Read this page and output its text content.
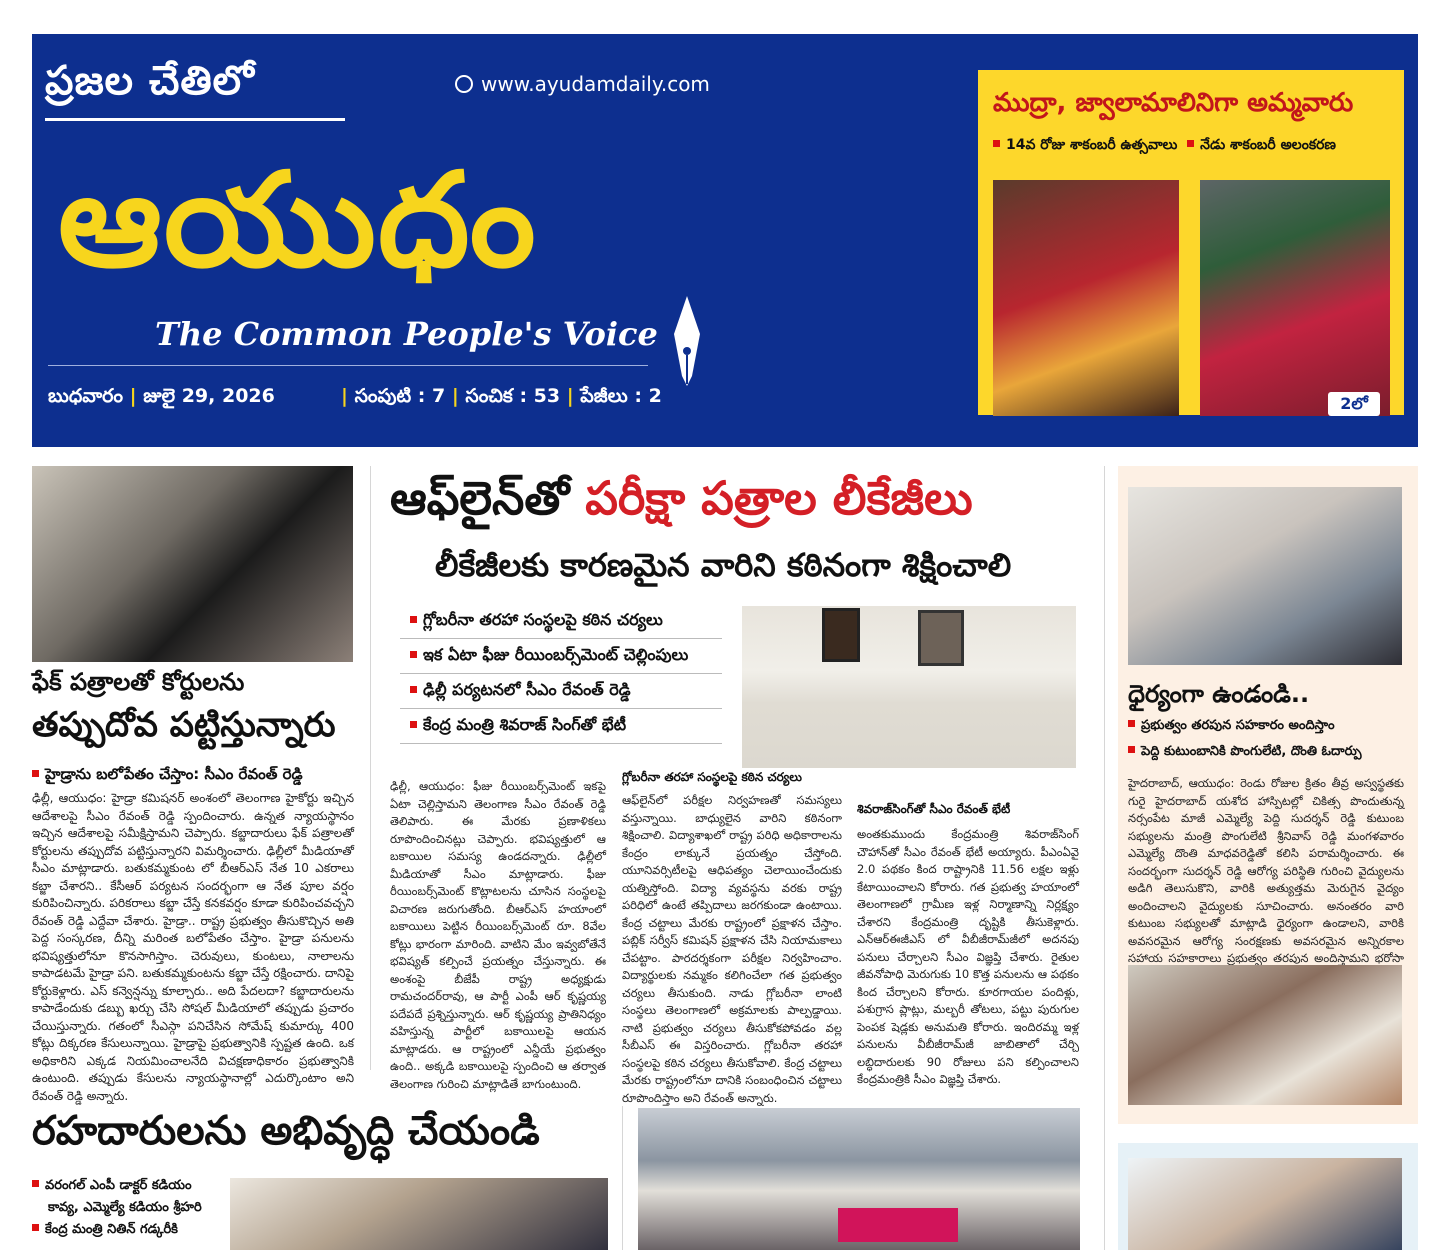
ప్రజల చేతిలో	www.ayudamdaily.com
ఆయుధం
The Common People's Voice
బుధవారం | జులై 29, 2026          | సంపుటి : 7 | సంచిక : 53 | పేజీలు : 2
ముద్రా, జ్వాలామాలినిగా అమ్మవారు
14వ రోజు శాకంబరీ ఉత్సవాలు నేడు శాకంబరీ అలంకరణ
2లో
ఫేక్ పత్రాలతో కోర్టులను
తప్పుదోవ పట్టిస్తున్నారు
హైడ్రాను బలోపేతం చేస్తాం: సీఎం రేవంత్ రెడ్డి
ఢిల్లీ, ఆయుధం: హైడ్రా కమిషనర్ అంశంలో తెలంగాణ హైకోర్టు ఇచ్చిన ఆదేశాలపై సీఎం రేవంత్ రెడ్డి స్పందించారు. ఉన్నత న్యాయస్థానం ఇచ్చిన ఆదేశాలపై సమీక్షిస్తామని చెప్పారు. కబ్జాదారులు ఫేక్ పత్రాలతో కోర్టులను తప్పుదోవ పట్టిస్తున్నారని విమర్శించారు. ఢిల్లీలో మీడియాతో సీఎం మాట్లాడారు. బతుకమ్మకుంట లో బీఆర్ఎస్ నేత 10 ఎకరాలు కబ్జా చేశారని.. కేసీఆర్ పర్యటన సందర్భంగా ఆ నేత పూల వర్షం కురిపించిన్నారు. పరికరాలు కబ్జా చేస్తే కనకవర్షం కూడా కురిపించవచ్చని రేవంత్ రెడ్డి ఎద్దేవా చేశారు. హైడ్రా.. రాష్ట్ర ప్రభుత్వం తీసుకొచ్చిన అతి పెద్ద సంస్కరణ, దీన్ని మరింత బలోపేతం చేస్తాం. హైడ్రా పనులను భవిష్యత్తులోనూ కొనసాగిస్తాం. చెరువులు, కుంటలు, నాలాలను కాపాడటమే హైడ్రా పని. బతుకమ్మకుంటను కబ్జా చేస్తే రక్షించారు. దానిపై కోర్టుకెళ్లారు. ఎస్ కన్వెన్షన్ను కూల్చారు.. అది పేదలదా? కబ్జాదారులను కాపాడేందుకు డబ్బు ఖర్చు చేసి సోషల్ మీడియాలో తప్పుడు ప్రచారం చేయిస్తున్నారు. గతంలో సీఎస్గా పనిచేసిన సోమేష్ కుమార్కు 400 కోట్లు దిక్కరణ కేసులున్నాయి. హైడ్రాపై ప్రభుత్వానికి స్పష్టత ఉంది. ఒక అధికారిని ఎక్కడ నియమించాలనేది విచక్షణాధికారం ప్రభుత్వానికి ఉంటుంది. తప్పుడు కేసులను న్యాయస్థానాల్లో ఎదుర్కొంటాం అని రేవంత్ రెడ్డి అన్నారు.
ఆఫ్‌లైన్‌తో పరీక్షా పత్రాల లీకేజీలు
లీకేజీలకు కారణమైన వారిని కఠినంగా శిక్షించాలి
గ్లోబరీనా తరహా సంస్థలపై కఠిన చర్యలు
ఇక ఏటా ఫీజు రీయింబర్స్‌మెంట్ చెల్లింపులు
ఢిల్లీ పర్యటనలో సీఎం రేవంత్ రెడ్డి
కేంద్ర మంత్రి శివరాజ్ సింగ్‌తో భేటీ
ఢిల్లీ, ఆయుధం: ఫీజు రీయింబర్స్‌మెంట్ ఇకపై ఏటా చెల్లిస్తామని తెలంగాణ సీఎం రేవంత్ రెడ్డి తెలిపారు. ఈ మేరకు ప్రణాళికలు రూపొందించినట్లు చెప్పారు. భవిష్యత్తులో ఆ బకాయిల సమస్య ఉండదన్నారు. ఢిల్లీలో మీడియాతో సీఎం మాట్లాడారు. ఫీజు రీయింబర్స్‌మెంట్ కొట్లాటలను చూసిన సంస్థలపై విచారణ జరుగుతోంది. బీఆర్ఎస్ హయాంలో బకాయిలు పెట్టిన రీయింబర్స్‌మెంట్ రూ. 8వేల కోట్లు భారంగా మారింది. వాటిని మేం ఇవ్వబోతేనే భవిష్యత్ కల్పించే ప్రయత్నం చేస్తున్నారు. ఈ అంశంపై బీజేపీ రాష్ట్ర అధ్యక్షుడు రామచందర్‌రావు, ఆ పార్టీ ఎంపీ ఆర్ కృష్ణయ్య పదేపదే ప్రశ్నిస్తున్నారు. ఆర్ కృష్ణయ్య ప్రాతినిధ్యం వహిస్తున్న పార్టీలో బకాయిలపై ఆయన మాట్లాడరు. ఆ రాష్ట్రంలో ఎన్డీయే ప్రభుత్వం ఉంది.. అక్కడి బకాయిలపై స్పందించి ఆ తర్వాత తెలంగాణ గురించి మాట్లాడితే బాగుంటుంది.
గ్లోబరీనా తరహా సంస్థలపై కఠిన చర్యలు
ఆఫ్‌లైన్‌లో పరీక్షల నిర్వహణతో సమస్యలు వస్తున్నాయి. బాధ్యులైన వారిని కఠినంగా శిక్షించాలి. విద్యాశాఖలో రాష్ట్ర పరిధి అధికారాలను కేంద్రం లాక్కునే ప్రయత్నం చేస్తోంది. యూనివర్సిటీలపై ఆధిపత్యం చెలాయించేందుకు యత్నిస్తోంది. విద్యా వ్యవస్థను వరకు రాష్ట్ర పరిధిలో ఉంటే తప్పిదాలు జరగకుండా ఉంటాయి. కేంద్ర చట్టాలు మేరకు రాష్ట్రంలో ప్రక్షాళన చేస్తాం. పబ్లిక్ సర్వీస్ కమిషన్ ప్రక్షాళన చేసి నియామకాలు చేపట్టాం. పారదర్శకంగా పరీక్షల నిర్వహించాం. విద్యార్థులకు నమ్మకం కలిగించేలా గత ప్రభుత్వం చర్యలు తీసుకుంది. నాడు గ్లోబరీనా లాంటి సంస్థలు తెలంగాణలో అక్రమాలకు పాల్పడ్డాయి. నాటి ప్రభుత్వం చర్యలు తీసుకోకపోవడం వల్ల సీబీఎస్ ఈ విస్తరించారు. గ్లోబరీనా తరహా సంస్థలపై కఠిన చర్యలు తీసుకోవాలి. కేంద్ర చట్టాలు మేరకు రాష్ట్రంలోనూ దానికి సంబంధించిన చట్టాలు రూపొందిస్తాం అని రేవంత్ అన్నారు.
శివరాజ్‌సింగ్‌తో సీఎం రేవంత్ భేటీ
అంతకుముందు కేంద్రమంత్రి శివరాజ్‌సింగ్ చౌహాన్‌తో సీఎం రేవంత్ భేటీ అయ్యారు. పీఎంఏవై 2.0 పథకం కింద రాష్ట్రానికి 11.56 లక్షల ఇళ్లు కేటాయించాలని కోరారు. గత ప్రభుత్వ హయాంలో తెలంగాణలో గ్రామీణ ఇళ్ల నిర్మాణాన్ని నిర్లక్ష్యం చేశారని కేంద్రమంత్రి దృష్టికి తీసుకెళ్లారు. ఎన్ఆర్ఈజీఎస్ లో వీబీజీరామ్‌జీలో అదనపు పనులు చేర్చాలని సీఎం విజ్ఞప్తి చేశారు. రైతుల జీవనోపాధి మెరుగుకు 10 కొత్త పనులను ఆ పథకం కింద చేర్చాలని కోరారు. కూరగాయల పందిళ్లు, పశుగ్రాస ప్లాట్లు, మల్బరీ తోటలు, పట్టు పురుగుల పెంపక షెడ్లకు అనుమతి కోరారు. ఇందిరమ్మ ఇళ్ల పనులను వీబీజీరామ్‌జీ జాబితాలో చేర్చి లబ్ధిదారులకు 90 రోజులు పని కల్పించాలని కేంద్రమంత్రికి సీఎం విజ్ఞప్తి చేశారు.
ధైర్యంగా ఉండండి..
ప్రభుత్వం తరపున సహకారం అందిస్తాం
పెద్ది కుటుంబానికి పొంగులేటి, దొంతి ఓదార్పు
హైదరాబాద్, ఆయుధం: రెండు రోజుల క్రితం తీవ్ర అస్వస్థతకు గురై హైదరాబాద్ యశోద హాస్పిటల్లో చికిత్స పొందుతున్న నర్సంపేట మాజీ ఎమ్మెల్యే పెద్ది సుదర్శన్ రెడ్డి కుటుంబ సభ్యులను మంత్రి పొంగులేటి శ్రీనివాస్ రెడ్డి మంగళవారం ఎమ్మెల్యే దొంతి మాధవరెడ్డితో కలిసి పరామర్శించారు. ఈ సందర్భంగా సుదర్శన్ రెడ్డి ఆరోగ్య పరిస్థితి గురించి వైద్యులను అడిగి తెలుసుకొని, వారికి అత్యుత్తమ మెరుగైన వైద్యం అందించాలని వైద్యులకు సూచించారు. అనంతరం వారి కుటుంబ సభ్యులతో మాట్లాడి ధైర్యంగా ఉండాలని, వారికి అవసరమైన ఆరోగ్య సంరక్షణకు అవసరమైన అన్నిరకాల సహాయ సహకారాలు ప్రభుత్వం తరపున అందిస్తామని భరోసా
రహదారులను అభివృద్ధి చేయండి
వరంగల్ ఎంపీ డాక్టర్ కడియం
కావ్య, ఎమ్మెల్యే కడియం శ్రీహరి
కేంద్ర మంత్రి నితిన్ గడ్కరీకి
